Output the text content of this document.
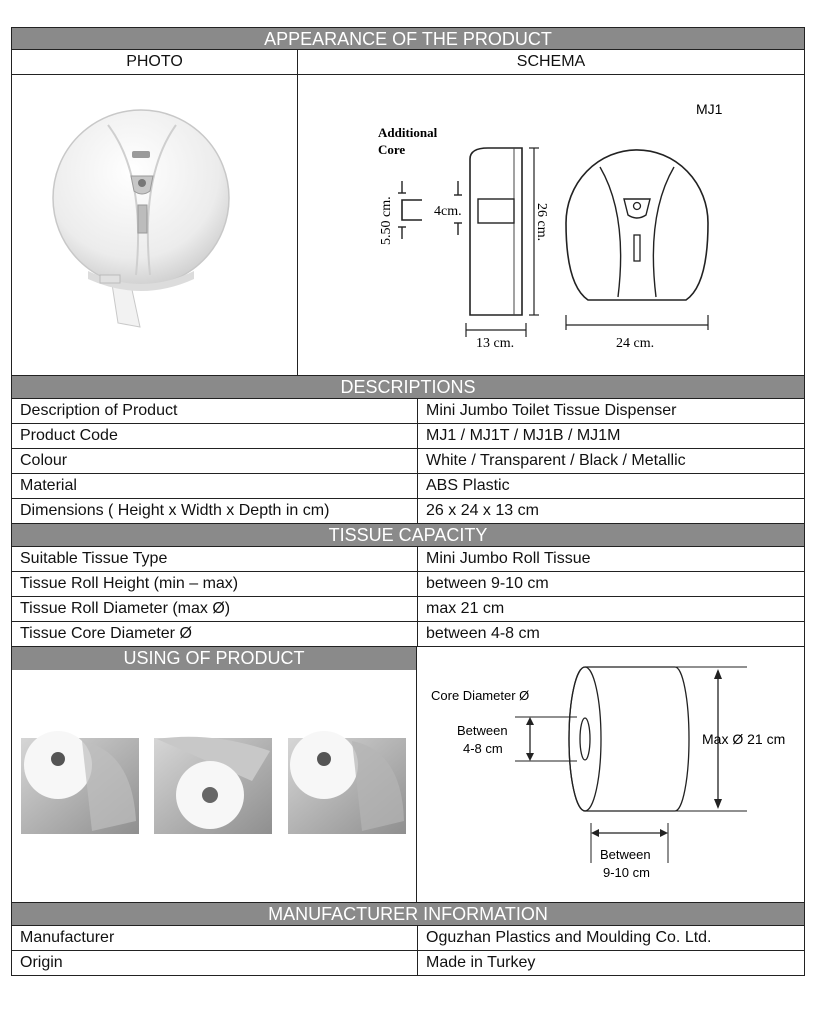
APPEARANCE OF THE PRODUCT
PHOTO	SCHEMA
MJ1
Additional
Core
5.50 cm.	4cm.	26 cm.
13 cm.	24 cm.
DESCRIPTIONS
Description of Product	Mini Jumbo Toilet Tissue Dispenser
Product Code	MJ1 / MJ1T / MJ1B / MJ1M
Colour	White / Transparent / Black / Metallic
Material	ABS Plastic
Dimensions ( Height x Width x Depth in cm)	26 x 24 x 13 cm
TISSUE CAPACITY
Suitable Tissue Type	Mini Jumbo Roll Tissue
Tissue Roll Height (min – max)	between 9-10 cm
Tissue Roll Diameter (max Ø)	max 21 cm
Tissue Core Diameter Ø	between 4-8 cm
USING OF PRODUCT
Core Diameter Ø
Between
4-8 cm
Max Ø 21 cm
Between
9-10 cm
MANUFACTURER INFORMATION
Manufacturer	Oguzhan Plastics and Moulding Co. Ltd.
Origin	Made in Turkey
